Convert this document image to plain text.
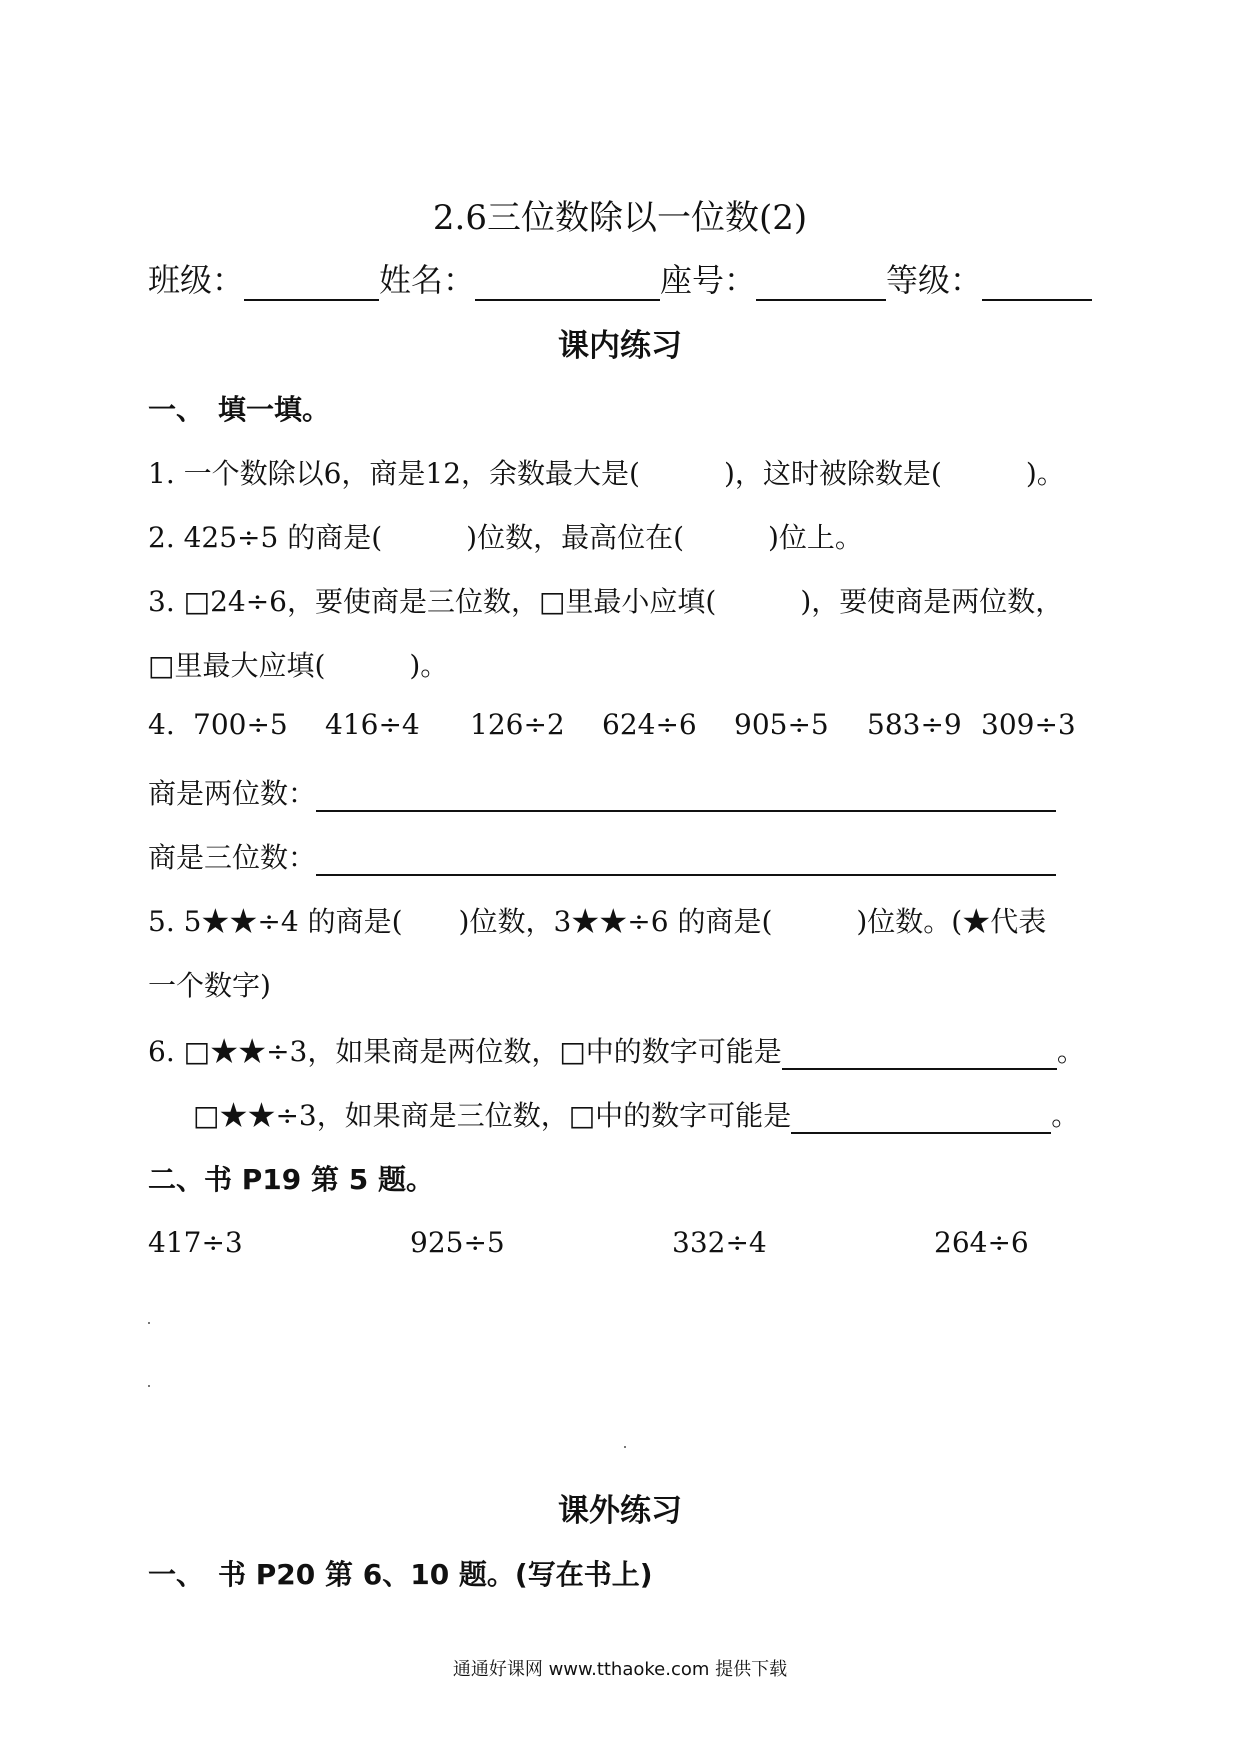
2.6三位数除以一位数(2)
班级：	姓名：	座号：	等级：
课内练习
一、　填一填。
1. 一个数除以6，商是12，余数最大是(　　　)，这时被除数是(　　　)。
2. 425÷5 的商是(　　　)位数，最高位在(　　　)位上。
3. □24÷6，要使商是三位数，□里最小应填(　　　)，要使商是两位数，
□里最大应填(　　　)。
4. 700÷5 416÷4 126÷2 624÷6 905÷5 583÷9 309÷3
商是两位数：
商是三位数：
5. 5★★÷4 的商是(　　)位数，3★★÷6 的商是(　　　)位数。(★代表
一个数字)
6. □★★÷3，如果商是两位数，□中的数字可能是	。
□★★÷3，如果商是三位数，□中的数字可能是	。
二、书 P19 第 5 题。
417÷3	925÷5	332÷4	264÷6
课外练习
一、　书 P20 第 6、10 题。(写在书上)
通通好课网 www.tthaoke.com 提供下载
